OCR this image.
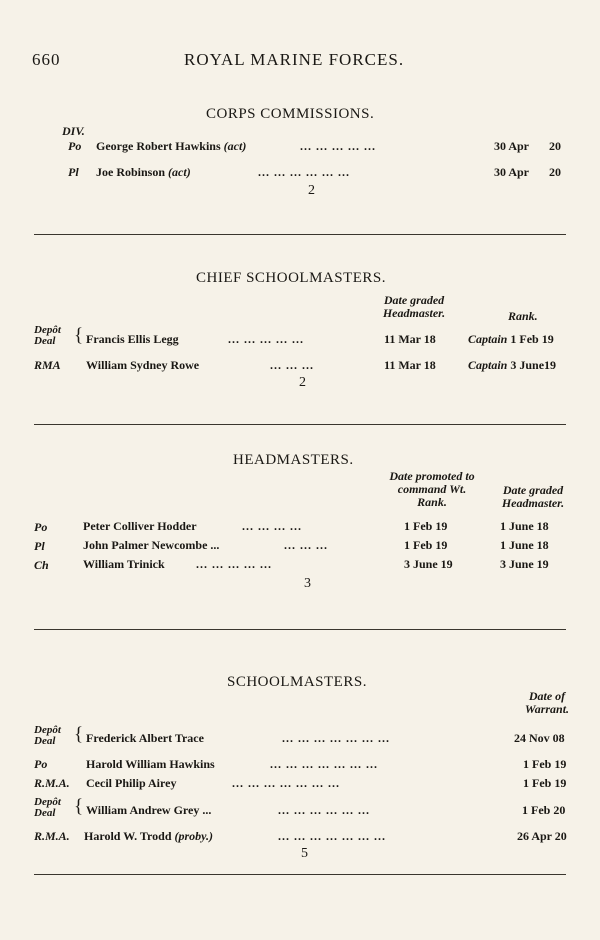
660	ROYAL MARINE FORCES.
CORPS COMMISSIONS.
DIV.
Po George Robert Hawkins (act)	... ... ... ... ...	30 Apr 20
Pl Joe Robinson (act)	... ... ... ... ... ...	30 Apr 20
2
CHIEF SCHOOLMASTERS.
Date graded Headmaster.	Rank.
Depôt
Deal { Francis Ellis Legg	... ... ... ... ...	11 Mar 18	Captain 1 Feb 19
RMA William Sydney Rowe	... ... ...	11 Mar 18	Captain 3 June19
2
HEADMASTERS.
Date promoted to command Wt. Rank.
Date graded Headmaster.
Po	Peter Colliver Hodder	... ... ... ...	1 Feb 19	1 June 18
Pl	John Palmer Newcombe ...	... ... ...	1 Feb 19	1 June 18
Ch	William Trinick	... ... ... ... ...	3 June 19	3 June 19
3
SCHOOLMASTERS.
Date of Warrant.
Depôt
Deal { Frederick Albert Trace	... ... ... ... ... ... ...	24 Nov 08
Po	Harold William Hawkins	... ... ... ... ... ... ...	1 Feb 19
R.M.A. Cecil Philip Airey	... ... ... ... ... ... ...	1 Feb 19
Depôt
Deal { William Andrew Grey ...	... ... ... ... ... ...	1 Feb 20
R.M.A. Harold W. Trodd (proby.)	... ... ... ... ... ... ...	26 Apr 20
5
